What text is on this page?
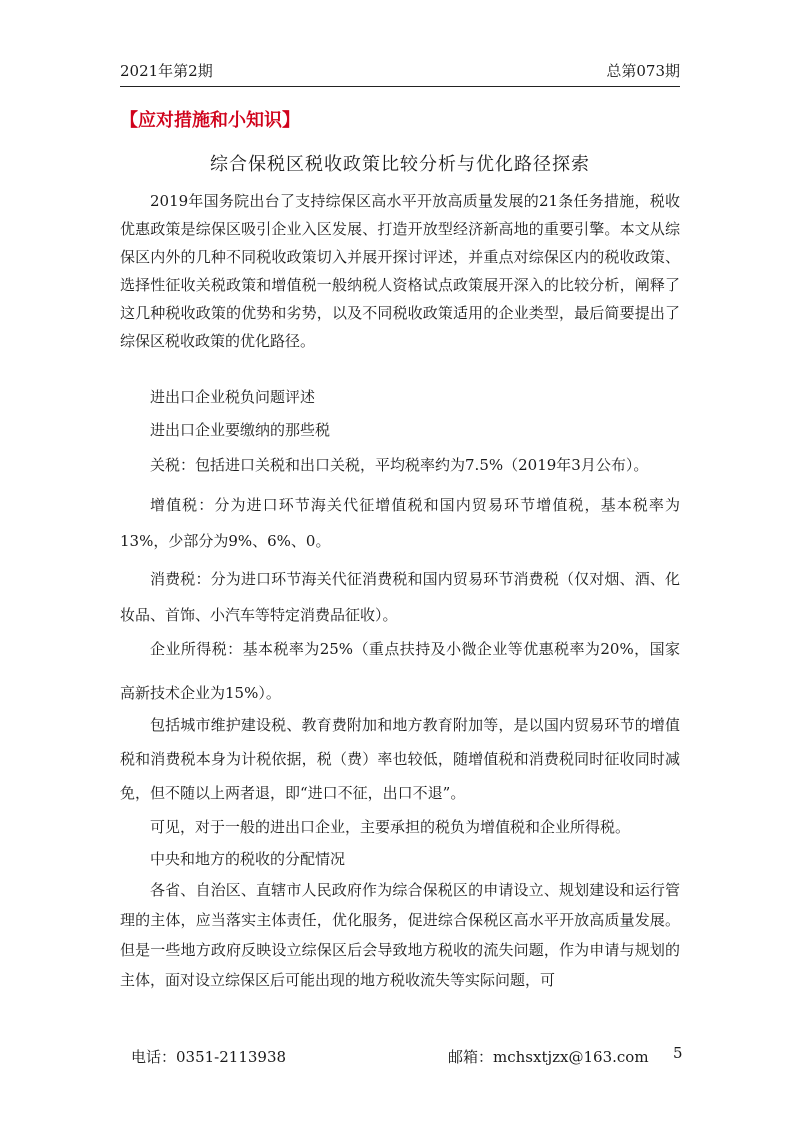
2021年第2期	总第073期
【应对措施和小知识】
综合保税区税收政策比较分析与优化路径探索

2019年国务院出台了支持综保区高水平开放高质量发展的21条任务措施，税收优惠政策是综保区吸引企业入区发展、打造开放型经济新高地的重要引擎。本文从综保区内外的几种不同税收政策切入并展开探讨评述，并重点对综保区内的税收政策、选择性征收关税政策和增值税一般纳税人资格试点政策展开深入的比较分析，阐释了这几种税收政策的优势和劣势，以及不同税收政策适用的企业类型，最后简要提出了综保区税收政策的优化路径。

进出口企业税负问题评述

进出口企业要缴纳的那些税

关税：包括进口关税和出口关税，平均税率约为7.5%（2019年3月公布）。

增值税：分为进口环节海关代征增值税和国内贸易环节增值税，基本税率为13%，少部分为9%、6%、0。

消费税：分为进口环节海关代征消费税和国内贸易环节消费税（仅对烟、酒、化妆品、首饰、小汽车等特定消费品征收）。

企业所得税：基本税率为25%（重点扶持及小微企业等优惠税率为20%，国家高新技术企业为15%）。

包括城市维护建设税、教育费附加和地方教育附加等，是以国内贸易环节的增值税和消费税本身为计税依据，税（费）率也较低，随增值税和消费税同时征收同时减免，但不随以上两者退，即“进口不征，出口不退”。

可见，对于一般的进出口企业，主要承担的税负为增值税和企业所得税。

中央和地方的税收的分配情况

各省、自治区、直辖市人民政府作为综合保税区的申请设立、规划建设和运行管理的主体，应当落实主体责任，优化服务，促进综合保税区高水平开放高质量发展。但是一些地方政府反映设立综保区后会导致地方税收的流失问题，作为申请与规划的主体，面对设立综保区后可能出现的地方税收流失等实际问题，可

电话：0351-2113938	邮箱：mchsxtjzx@163.com 5
